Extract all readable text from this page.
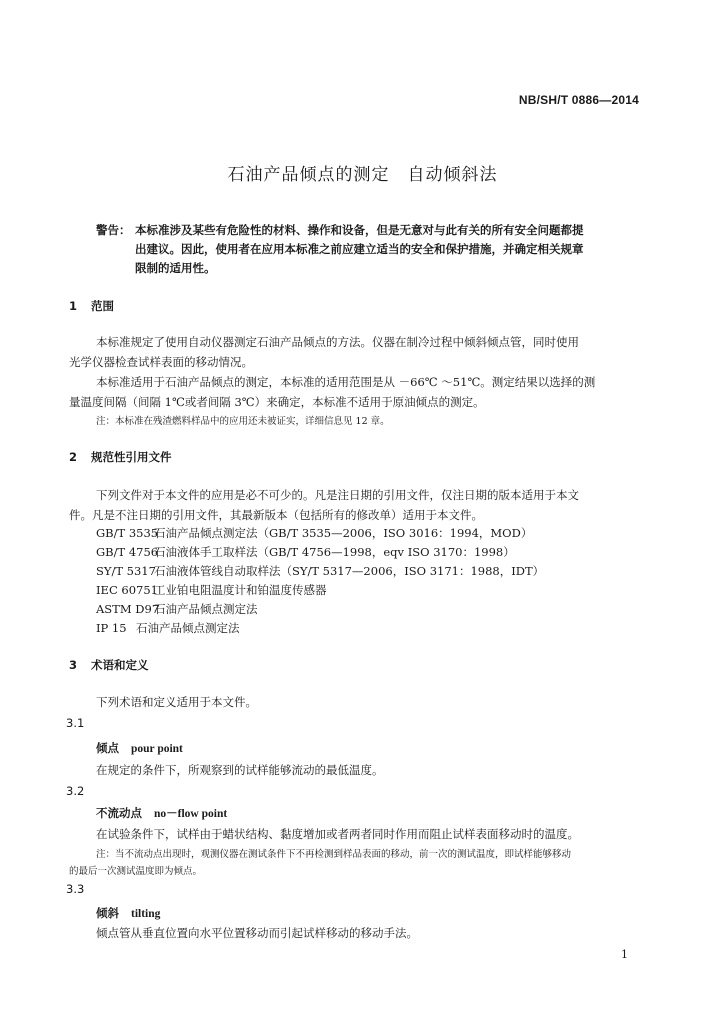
NB/SH/T 0886—2014
石油产品倾点的测定　自动倾斜法
警告： 本标准涉及某些有危险性的材料、操作和设备，但是无意对与此有关的所有安全问题都提
出建议。因此，使用者在应用本标准之前应建立适当的安全和保护措施，并确定相关规章
限制的适用性。
1 范围
本标准规定了使用自动仪器测定石油产品倾点的方法。仪器在制冷过程中倾斜倾点管，同时使用
光学仪器检查试样表面的移动情况。
本标准适用于石油产品倾点的测定，本标准的适用范围是从 －66℃ ～51℃。测定结果以选择的测
量温度间隔（间隔 1℃或者间隔 3℃）来确定，本标准不适用于原油倾点的测定。
注：本标准在残渣燃料样品中的应用还未被证实，详细信息见 12 章。
2 规范性引用文件
下列文件对于本文件的应用是必不可少的。凡是注日期的引用文件，仅注日期的版本适用于本文
件。凡是不注日期的引用文件，其最新版本（包括所有的修改单）适用于本文件。
GB/T 3535石油产品倾点测定法（GB/T 3535—2006，ISO 3016：1994，MOD）
GB/T 4756石油液体手工取样法（GB/T 4756—1998，eqv ISO 3170：1998）
SY/T 5317石油液体管线自动取样法（SY/T 5317—2006，ISO 3171：1988，IDT）
IEC 60751工业铂电阻温度计和铂温度传感器
ASTM D97石油产品倾点测定法
IP 15 石油产品倾点测定法
3 术语和定义
下列术语和定义适用于本文件。
3.1
倾点 pour point
在规定的条件下，所观察到的试样能够流动的最低温度。
3.2
不流动点 no－flow point
在试验条件下，试样由于蜡状结构、黏度增加或者两者同时作用而阻止试样表面移动时的温度。
注：当不流动点出现时，观测仪器在测试条件下不再检测到样品表面的移动，前一次的测试温度，即试样能够移动
的最后一次测试温度即为倾点。
3.3
倾斜 tilting
倾点管从垂直位置向水平位置移动而引起试样移动的移动手法。
1
